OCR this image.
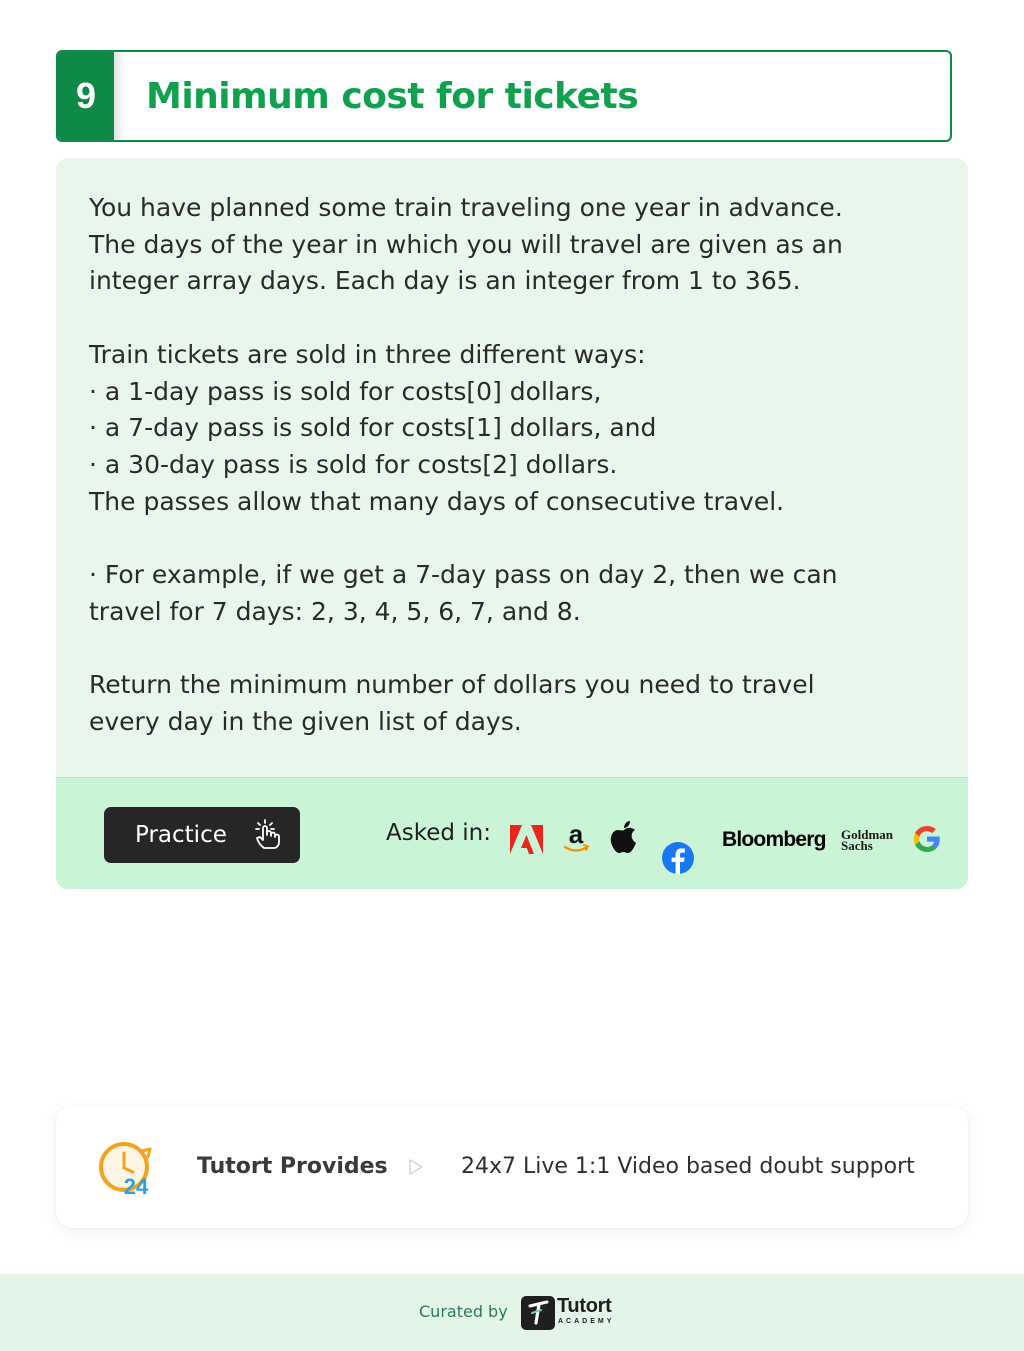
9	Minimum cost for tickets

You have planned some train traveling one year in advance.

The days of the year in which you will travel are given as an

integer array days. Each day is an integer from 1 to 365.

Train tickets are sold in three different ways:

· a 1-day pass is sold for costs[0] dollars,

· a 7-day pass is sold for costs[1] dollars, and

· a 30-day pass is sold for costs[2] dollars.

The passes allow that many days of consecutive travel.

· For example, if we get a 7-day pass on day 2, then we can

travel for 7 days: 2, 3, 4, 5, 6, 7, and 8.

Return the minimum number of dollars you need to travel

every day in the given list of days.

Practice	Asked in:	a	Bloomberg Goldman
Sachs
24
Tutort Provides	24x7 Live 1:1 Video based doubt support
Curated by Tutort
ACADEMY
